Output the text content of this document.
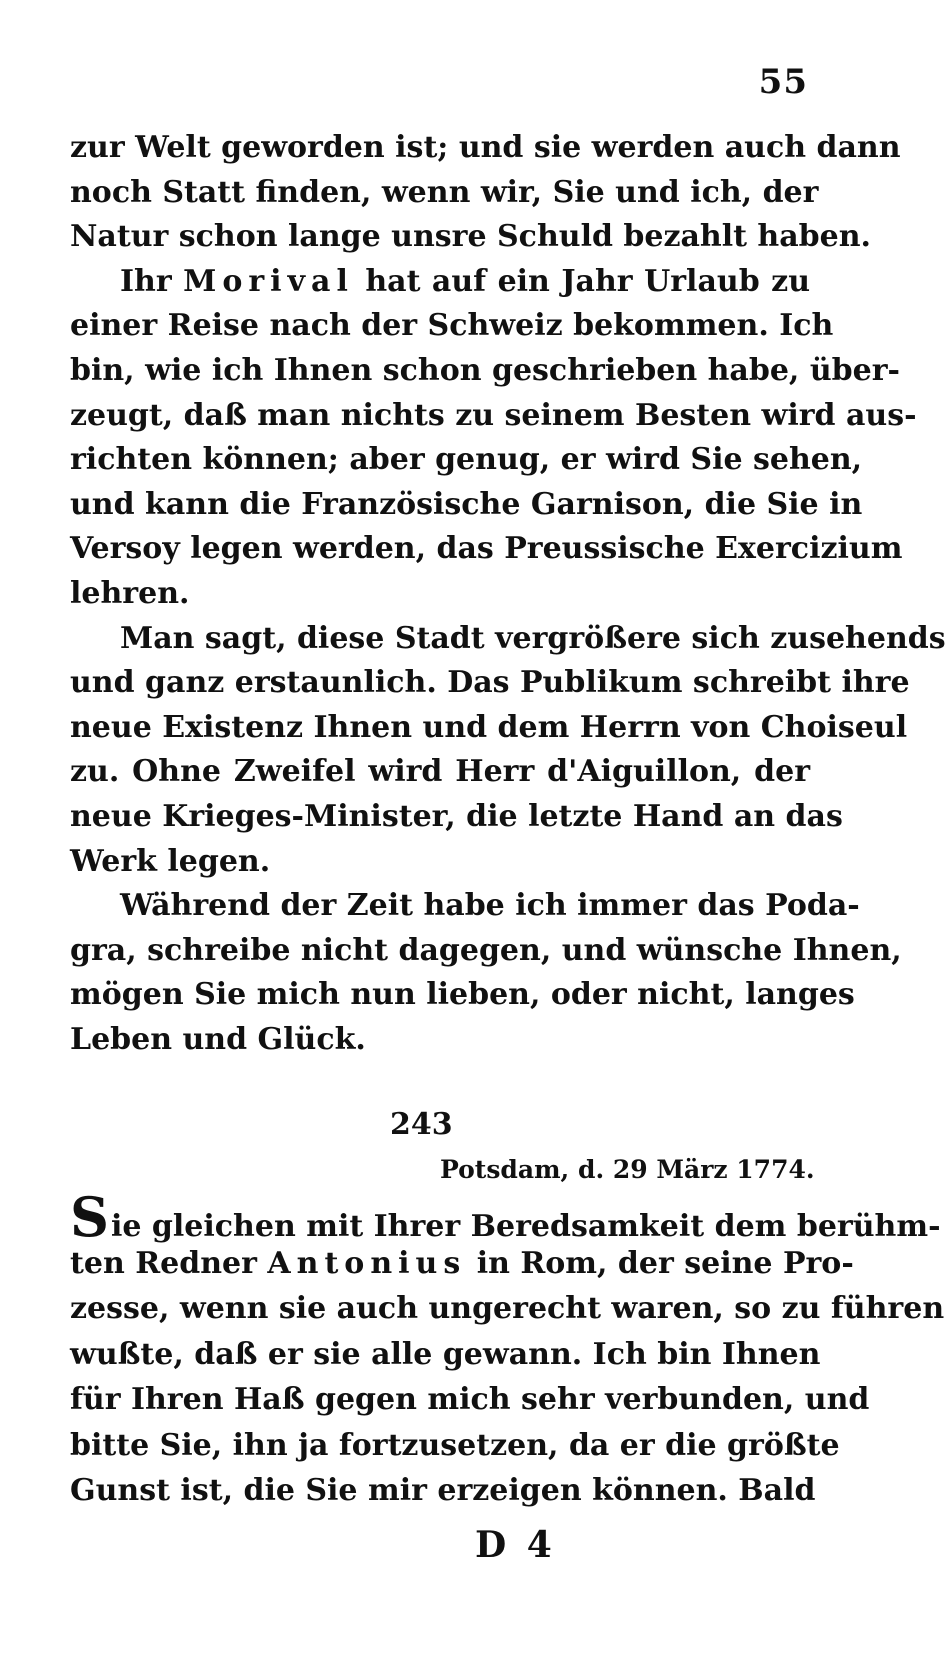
55
zur Welt geworden ist; und sie werden auch dann
noch Statt finden, wenn wir, Sie und ich, der
Natur schon lange unsre Schuld bezahlt haben.
Ihr Morival hat auf ein Jahr Urlaub zu
einer Reise nach der Schweiz bekommen. Ich
bin, wie ich Ihnen schon geschrieben habe, über-
zeugt, daß man nichts zu seinem Besten wird aus-
richten können; aber genug, er wird Sie sehen,
und kann die Französische Garnison, die Sie in
Versoy legen werden, das Preussische Exercizium
lehren.
Man sagt, diese Stadt vergrößere sich zusehends
und ganz erstaunlich. Das Publikum schreibt ihre
neue Existenz Ihnen und dem Herrn von Choiseul
zu. Ohne Zweifel wird Herr d'Aiguillon, der
neue Krieges-Minister, die letzte Hand an das
Werk legen.
Während der Zeit habe ich immer das Poda-
gra, schreibe nicht dagegen, und wünsche Ihnen,
mögen Sie mich nun lieben, oder nicht, langes
Leben und Glück.
243
Potsdam, d. 29 März 1774.
Sie gleichen mit Ihrer Beredsamkeit dem berühm-
ten Redner Antonius in Rom, der seine Pro-
zesse, wenn sie auch ungerecht waren, so zu führen
wußte, daß er sie alle gewann. Ich bin Ihnen
für Ihren Haß gegen mich sehr verbunden, und
bitte Sie, ihn ja fortzusetzen, da er die größte
Gunst ist, die Sie mir erzeigen können. Bald
D 4
